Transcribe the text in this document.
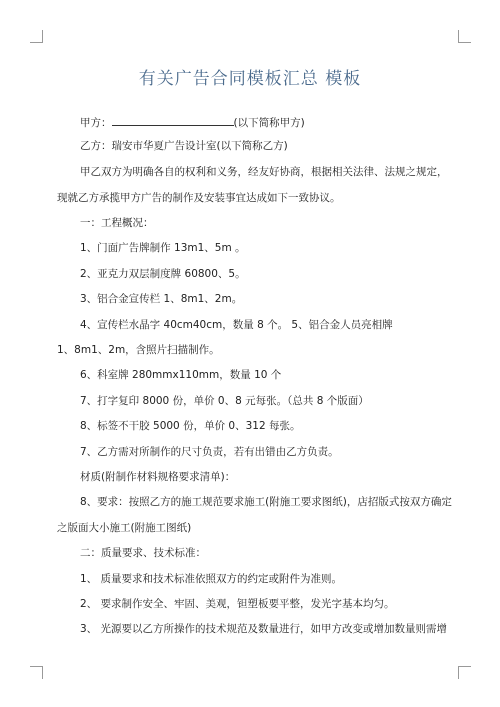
有关广告合同模板汇总 模板
甲方：	(以下简称甲方)
乙方：瑞安市华夏广告设计室(以下简称乙方)
甲乙双方为明确各自的权利和义务，经友好协商，根据相关法律、法规之规定，
现就乙方承揽甲方广告的制作及安装事宜达成如下一致协议。
一：工程概况：
1、门面广告牌制作 13m1、5m 。
2、亚克力双层制度牌 60800、5。
3、铝合金宣传栏 1、8m1、2m。
4、宣传栏水晶字 40cm40cm，数量 8 个。 5、铝合金人员亮相牌
1、8m1、2m，含照片扫描制作。
6、科室牌 280mmx110mm，数量 10 个
7、打字复印 8000 份，单价 0、8 元每张。（总共 8 个版面）
8、标签不干胶 5000 份，单价 0、312 每张。
7、乙方需对所制作的尺寸负责，若有出错由乙方负责。
材质(附制作材料规格要求清单)：
8、要求：按照乙方的施工规范要求施工(附施工要求图纸)，店招版式按双方确定
之版面大小施工(附施工图纸)
二：质量要求、技术标准：
1、 质量要求和技术标准依照双方的约定或附件为准则。
2、 要求制作安全、牢固、美观，钽塑板要平整，发光字基本均匀。
3、 光源要以乙方所操作的技术规范及数量进行，如甲方改变或增加数量则需增
